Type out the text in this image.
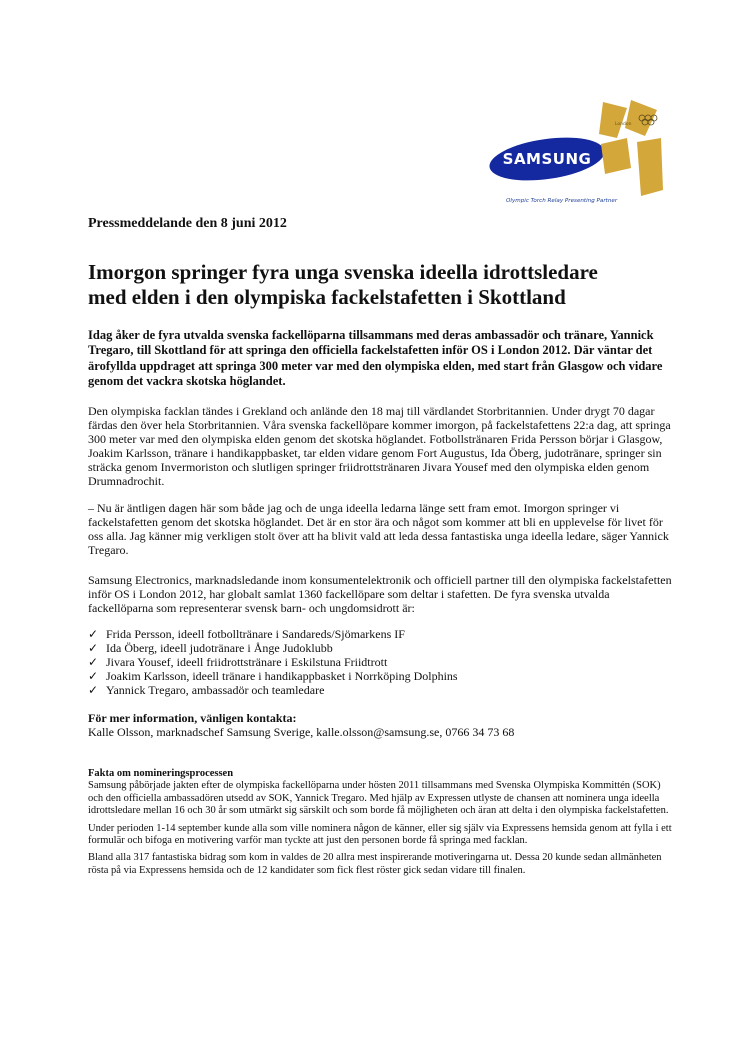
SAMSUNG
London
Olympic Torch Relay Presenting Partner
Pressmeddelande den 8 juni 2012
Imorgon springer fyra unga svenska ideella idrottsledare
med elden i den olympiska fackelstafetten i Skottland
Idag åker de fyra utvalda svenska fackellöparna tillsammans med deras ambassadör och tränare, Yannick Tregaro, till Skottland för att springa den officiella fackelstafetten inför OS i London 2012. Där väntar det ärofyllda uppdraget att springa 300 meter var med den olympiska elden, med start från Glasgow och vidare genom det vackra skotska höglandet.
Den olympiska facklan tändes i Grekland och anlände den 18 maj till värdlandet Storbritannien. Under drygt 70 dagar färdas den över hela Storbritannien. Våra svenska fackellöpare kommer imorgon, på fackelstafettens 22:a dag, att springa 300 meter var med den olympiska elden genom det skotska höglandet. Fotbollstränaren Frida Persson börjar i Glasgow, Joakim Karlsson, tränare i handikappbasket, tar elden vidare genom Fort Augustus, Ida Öberg, judotränare, springer sin sträcka genom Invermoriston och slutligen springer friidrottstränaren Jivara Yousef med den olympiska elden genom Drumnadrochit.
– Nu är äntligen dagen här som både jag och de unga ideella ledarna länge sett fram emot. Imorgon springer vi fackelstafetten genom det skotska höglandet. Det är en stor ära och något som kommer att bli en upplevelse för livet för oss alla. Jag känner mig verkligen stolt över att ha blivit vald att leda dessa fantastiska unga ideella ledare, säger Yannick Tregaro.
Samsung Electronics, marknadsledande inom konsumentelektronik och officiell partner till den olympiska fackelstafetten inför OS i London 2012, har globalt samlat 1360 fackellöpare som deltar i stafetten. De fyra svenska utvalda fackellöparna som representerar svensk barn- och ungdomsidrott är:
✓ Frida Persson, ideell fotbolltränare i Sandareds/Sjömarkens IF
✓ Ida Öberg, ideell judotränare i Ånge Judoklubb
✓ Jivara Yousef, ideell friidrottstränare i Eskilstuna Friidtrott
✓ Joakim Karlsson, ideell tränare i handikappbasket i Norrköping Dolphins
✓ Yannick Tregaro, ambassadör och teamledare
För mer information, vänligen kontakta:
Kalle Olsson, marknadschef Samsung Sverige, kalle.olsson@samsung.se, 0766 34 73 68
Fakta om nomineringsprocessen

Samsung påbörjade jakten efter de olympiska fackellöparna under hösten 2011 tillsammans med Svenska Olympiska Kommittén (SOK) och den officiella ambassadören utsedd av SOK, Yannick Tregaro. Med hjälp av Expressen utlyste de chansen att nominera unga ideella idrottsledare mellan 16 och 30 år som utmärkt sig särskilt och som borde få möjligheten och äran att delta i den olympiska fackelstafetten.

Under perioden 1-14 september kunde alla som ville nominera någon de känner, eller sig själv via Expressens hemsida genom att fylla i ett formulär och bifoga en motivering varför man tyckte att just den personen borde få springa med facklan.

Bland alla 317 fantastiska bidrag som kom in valdes de 20 allra mest inspirerande motiveringarna ut. Dessa 20 kunde sedan allmänheten rösta på via Expressens hemsida och de 12 kandidater som fick flest röster gick sedan vidare till finalen.
